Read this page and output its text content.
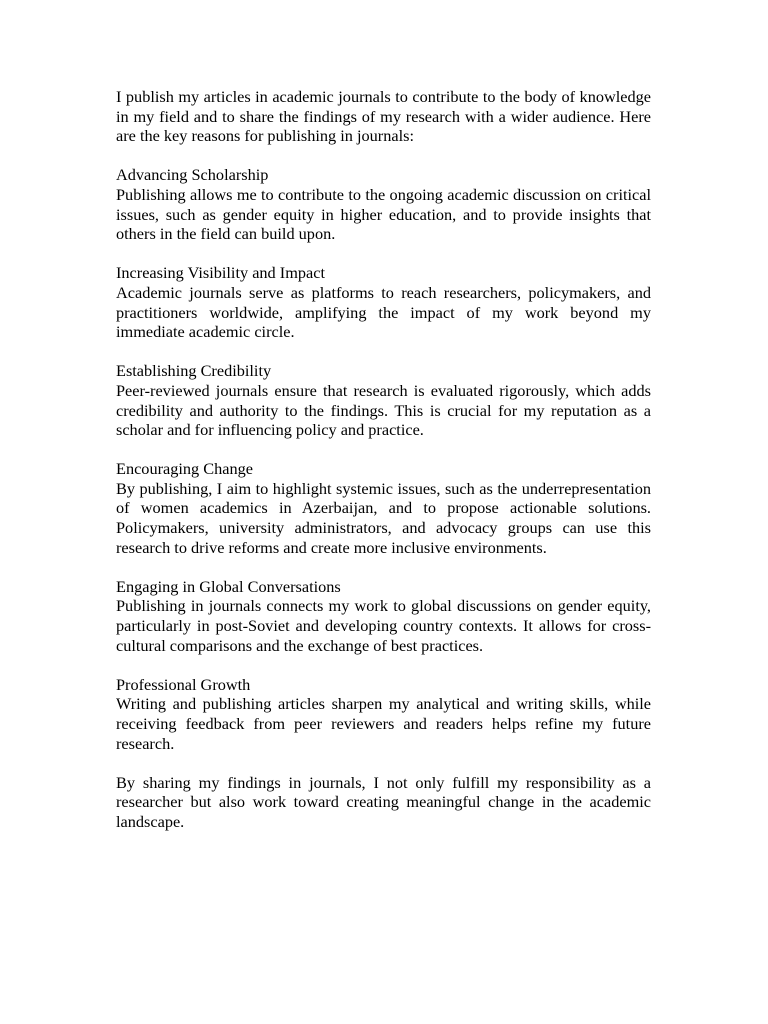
I publish my articles in academic journals to contribute to the body of knowledge in my field and to share the findings of my research with a wider audience. Here are the key reasons for publishing in journals:

Advancing Scholarship

Publishing allows me to contribute to the ongoing academic discussion on critical issues, such as gender equity in higher education, and to provide insights that others in the field can build upon.

Increasing Visibility and Impact

Academic journals serve as platforms to reach researchers, policymakers, and practitioners worldwide, amplifying the impact of my work beyond my immediate academic circle.

Establishing Credibility

Peer-reviewed journals ensure that research is evaluated rigorously, which adds credibility and authority to the findings. This is crucial for my reputation as a scholar and for influencing policy and practice.

Encouraging Change

By publishing, I aim to highlight systemic issues, such as the underrepresentation of women academics in Azerbaijan, and to propose actionable solutions. Policymakers, university administrators, and advocacy groups can use this research to drive reforms and create more inclusive environments.

Engaging in Global Conversations

Publishing in journals connects my work to global discussions on gender equity, particularly in post-Soviet and developing country contexts. It allows for cross-cultural comparisons and the exchange of best practices.

Professional Growth

Writing and publishing articles sharpen my analytical and writing skills, while receiving feedback from peer reviewers and readers helps refine my future research.

By sharing my findings in journals, I not only fulfill my responsibility as a researcher but also work toward creating meaningful change in the academic landscape.
